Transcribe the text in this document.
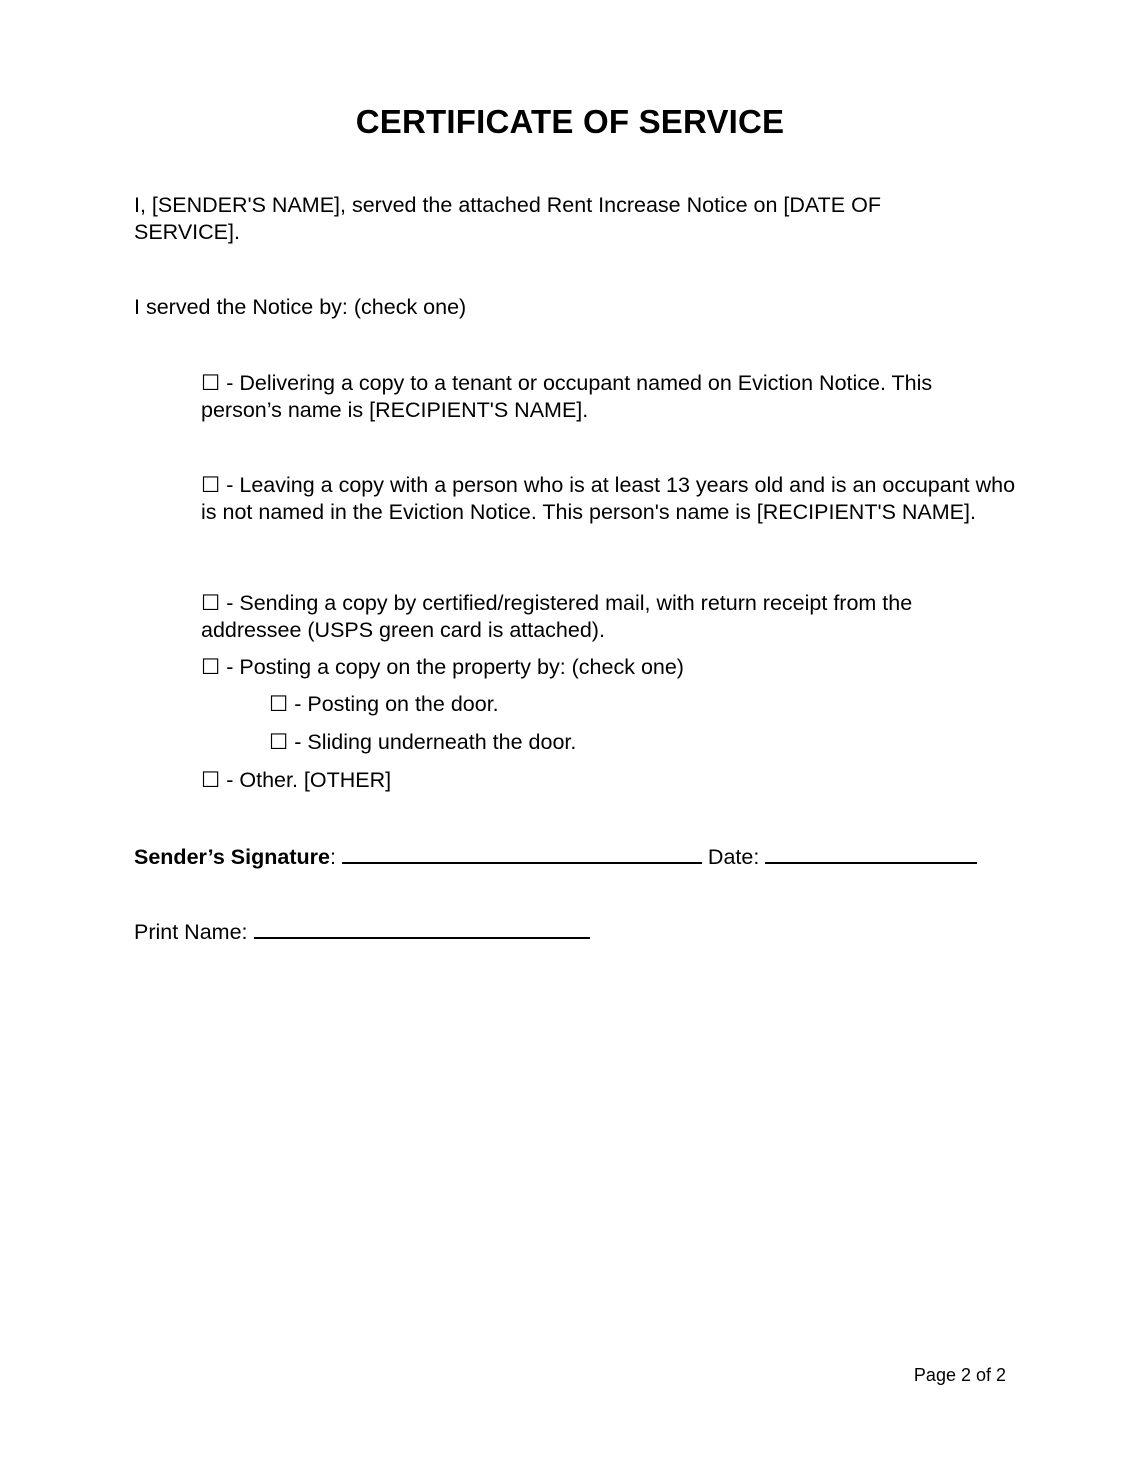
CERTIFICATE OF SERVICE

I, [SENDER'S NAME], served the attached Rent Increase Notice on [DATE OF SERVICE].

I served the Notice by: (check one)

☐ - Delivering a copy to a tenant or occupant named on Eviction Notice. This person’s name is [RECIPIENT'S NAME].

☐ - Leaving a copy with a person who is at least 13 years old and is an occupant who is not named in the Eviction Notice. This person's name is [RECIPIENT'S NAME].

☐ - Sending a copy by certified/registered mail, with return receipt from the addressee (USPS green card is attached).

☐ - Posting a copy on the property by: (check one)

☐ - Posting on the door.

☐ - Sliding underneath the door.

☐ - Other. [OTHER]

Sender’s Signature:	Date:
Print Name:
Page 2 of 2
